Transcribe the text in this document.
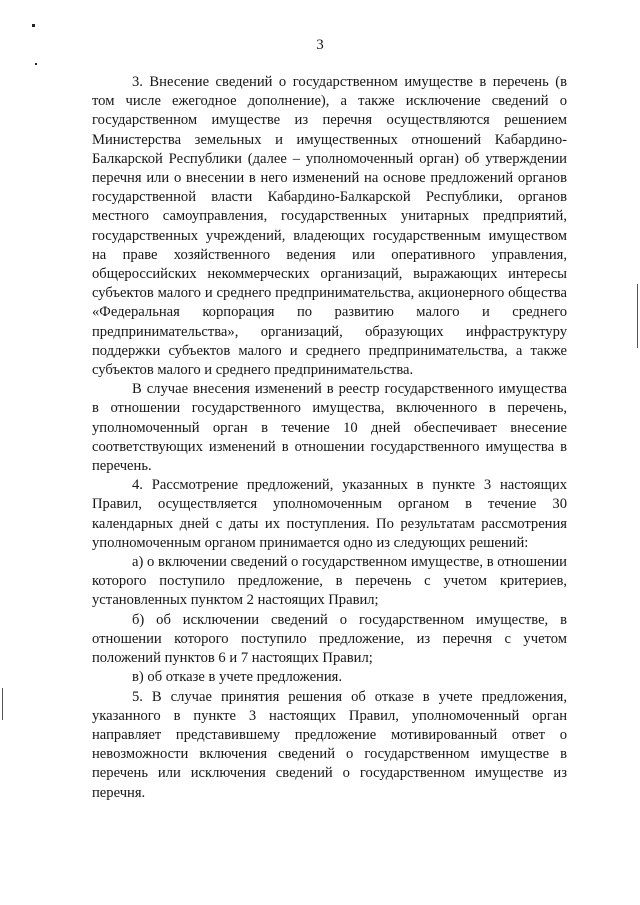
3

3. Внесение сведений о государственном имуществе в перечень (в том числе ежегодное дополнение), а также исключение сведений о государственном имуществе из перечня осуществляются решением Министерства земельных и имущественных отношений Кабардино-Балкарской Республики (далее – уполномоченный орган) об утверждении перечня или о внесении в него изменений на основе предложений органов государственной власти Кабардино-Балкарской Республики, органов местного самоуправления, государственных унитарных предприятий, государственных учреждений, владеющих государственным имуществом на праве хозяйственного ведения или оперативного управления, общероссийских некоммерческих организаций, выражающих интересы субъектов малого и среднего предпринимательства, акционерного общества «Федеральная корпорация по развитию малого и среднего предпринимательства», организаций, образующих инфраструктуру поддержки субъектов малого и среднего предпринимательства, а также субъектов малого и среднего предпринимательства.

В случае внесения изменений в реестр государственного имущества в отношении государственного имущества, включенного в перечень, уполномоченный орган в течение 10 дней обеспечивает внесение соответствующих изменений в отношении государственного имущества в перечень.

4. Рассмотрение предложений, указанных в пункте 3 настоящих Правил, осуществляется уполномоченным органом в течение 30 календарных дней с даты их поступления. По результатам рассмотрения уполномоченным органом принимается одно из следующих решений:

а) о включении сведений о государственном имуществе, в отношении которого поступило предложение, в перечень с учетом критериев, установленных пунктом 2 настоящих Правил;

б) об исключении сведений о государственном имуществе, в отношении которого поступило предложение, из перечня с учетом положений пунктов 6 и 7 настоящих Правил;

в) об отказе в учете предложения.

5. В случае принятия решения об отказе в учете предложения, указанного в пункте 3 настоящих Правил, уполномоченный орган направляет представившему предложение мотивированный ответ о невозможности включения сведений о государственном имуществе в перечень или исключения сведений о государственном имуществе из перечня.
